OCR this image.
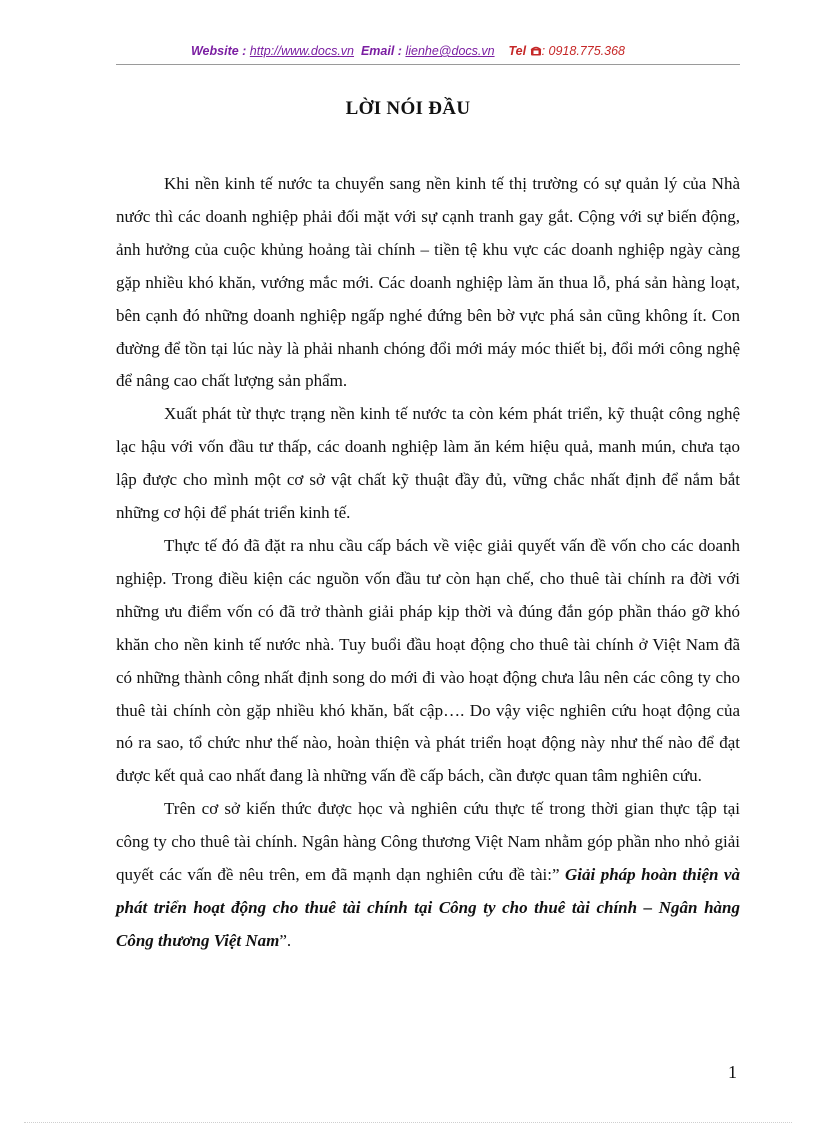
Website : http://www.docs.vn Email : lienhe@docs.vn Tel : 0918.775.368
LỜI NÓI ĐẦU

Khi nền kinh tế nước ta chuyển sang nền kinh tế thị trường có sự quản lý của Nhà nước thì các doanh nghiệp phải đối mặt với sự cạnh tranh gay gắt. Cộng với sự biến động, ảnh hưởng của cuộc khủng hoảng tài chính – tiền tệ khu vực các doanh nghiệp ngày càng gặp nhiều khó khăn, vướng mắc mới. Các doanh nghiệp làm ăn thua lỗ, phá sản hàng loạt, bên cạnh đó những doanh nghiệp ngấp nghé đứng bên bờ vực phá sản cũng không ít. Con đường để tồn tại lúc này là phải nhanh chóng đổi mới máy móc thiết bị, đổi mới công nghệ để nâng cao chất lượng sản phẩm.

Xuất phát từ thực trạng nền kinh tế nước ta còn kém phát triển, kỹ thuật công nghệ lạc hậu với vốn đầu tư thấp, các doanh nghiệp làm ăn kém hiệu quả, manh mún, chưa tạo lập được cho mình một cơ sở vật chất kỹ thuật đầy đủ, vững chắc nhất định để nắm bắt những cơ hội để phát triển kinh tế.

Thực tế đó đã đặt ra nhu cầu cấp bách về việc giải quyết vấn đề vốn cho các doanh nghiệp. Trong điều kiện các nguồn vốn đầu tư còn hạn chế, cho thuê tài chính ra đời với những ưu điểm vốn có đã trở thành giải pháp kịp thời và đúng đắn góp phần tháo gỡ khó khăn cho nền kinh tế nước nhà. Tuy buổi đầu hoạt động cho thuê tài chính ở Việt Nam đã có những thành công nhất định song do mới đi vào hoạt động chưa lâu nên các công ty cho thuê tài chính còn gặp nhiều khó khăn, bất cập…. Do vậy việc nghiên cứu hoạt động của nó ra sao, tổ chức như thế nào, hoàn thiện và phát triển hoạt động này như thế nào để đạt được kết quả cao nhất đang là những vấn đề cấp bách, cần được quan tâm nghiên cứu.

Trên cơ sở kiến thức được học và nghiên cứu thực tế trong thời gian thực tập tại công ty cho thuê tài chính. Ngân hàng Công thương Việt Nam nhằm góp phần nho nhỏ giải quyết các vấn đề nêu trên, em đã mạnh dạn nghiên cứu đề tài:” Giải pháp hoàn thiện và phát triển hoạt động cho thuê tài chính tại Công ty cho thuê tài chính – Ngân hàng Công thương Việt Nam”.

1
